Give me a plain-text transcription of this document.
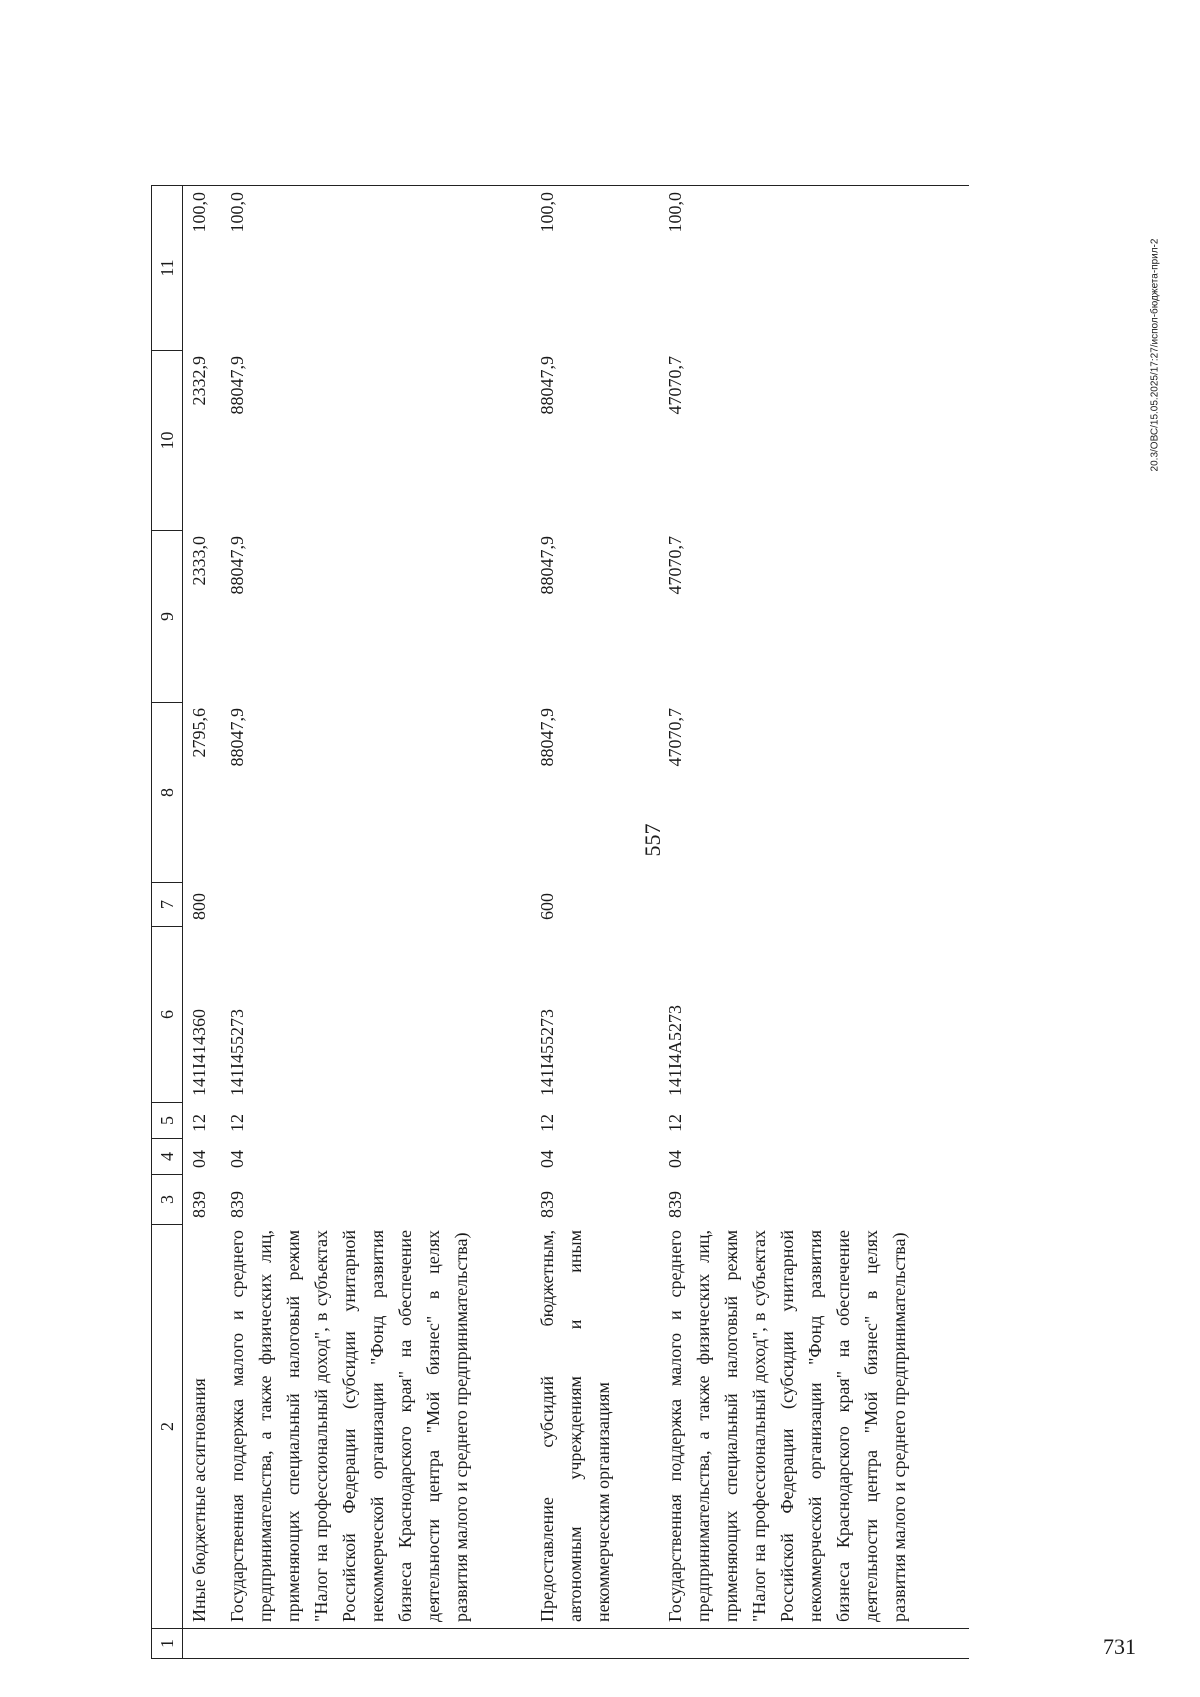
557
20.3/ОВС/15.05.2025/17:27/испол-бюджета-прил-2
731
1
2
3
4
5
6
7
8
9
10
11
Иные бюджетные ассигнования
839
04
12
141I414360
800
2795,6
2333,0
2332,9
100,0
Государственная поддержка малого и среднего предпринимательства, а также физических лиц, применяющих специальный налоговый режим "Налог на профессиональный доход", в субъектах Российской Федерации (субсидии унитарной некоммерческой организации "Фонд развития бизнеса Краснодарского края" на обеспечение деятельности центра "Мой бизнес" в целях развития малого и среднего предпринимательства)
839
04
12
141I455273
88047,9
88047,9
88047,9
100,0
Предоставление субсидий бюджетным, автономным учреждениям и иным некоммерческим организациям
839
04
12
141I455273
600
88047,9
88047,9
88047,9
100,0
Государственная поддержка малого и среднего предпринимательства, а также физических лиц, применяющих специальный налоговый режим "Налог на профессиональный доход", в субъектах Российской Федерации (субсидии унитарной некоммерческой организации "Фонд развития бизнеса Краснодарского края" на обеспечение деятельности центра "Мой бизнес" в целях развития малого и среднего предпринимательства)
839
04
12
141I4A5273
47070,7
47070,7
47070,7
100,0
